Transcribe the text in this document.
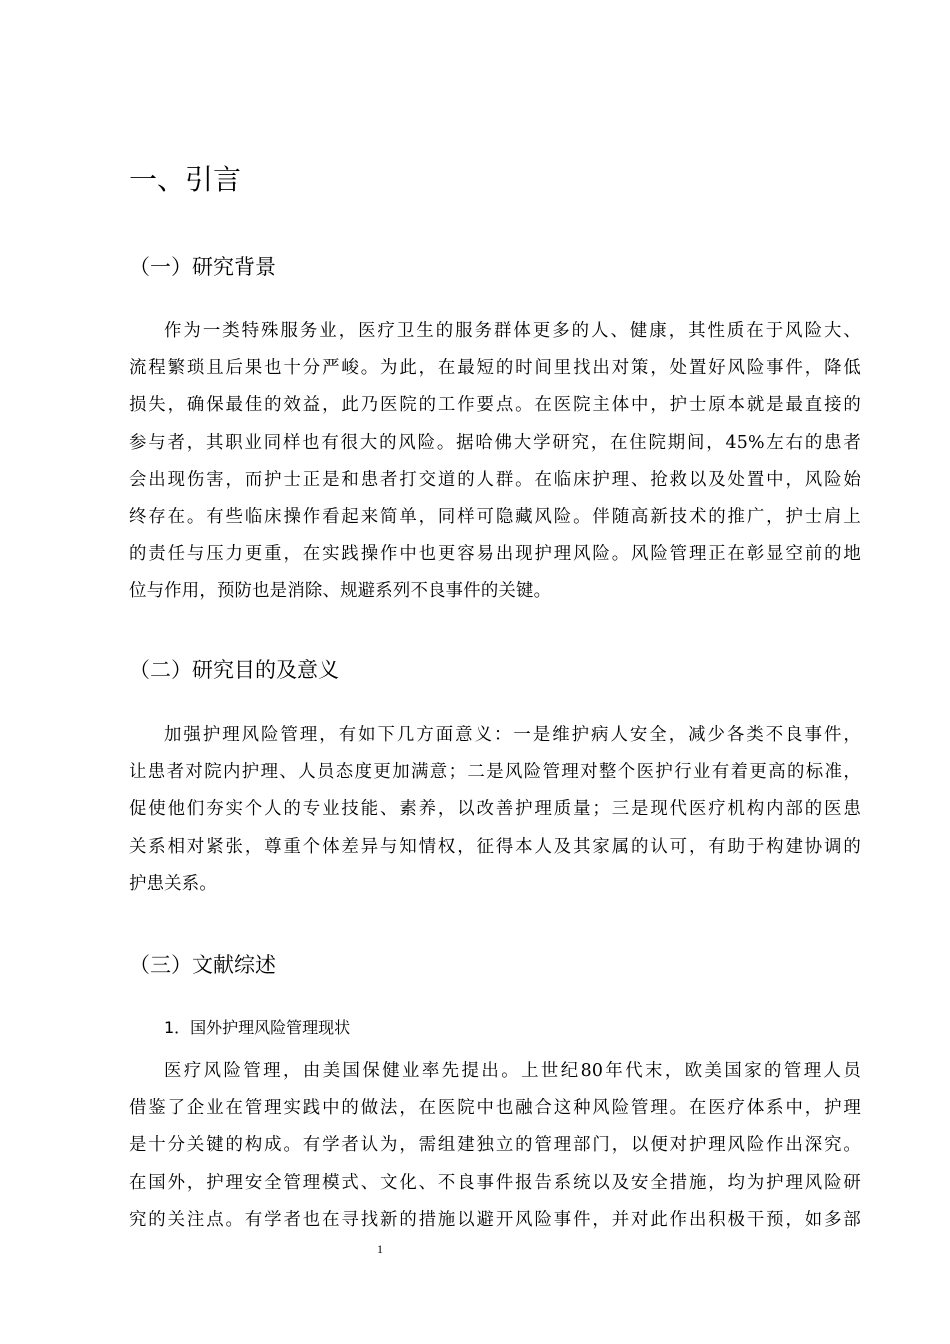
一、引言
（一）研究背景
作为一类特殊服务业，医疗卫生的服务群体更多的人、健康，其性质在于风险大、
流程繁琐且后果也十分严峻。为此，在最短的时间里找出对策，处置好风险事件，降低
损失，确保最佳的效益，此乃医院的工作要点。在医院主体中，护士原本就是最直接的
参与者，其职业同样也有很大的风险。据哈佛大学研究，在住院期间，45%左右的患者
会出现伤害，而护士正是和患者打交道的人群。在临床护理、抢救以及处置中，风险始
终存在。有些临床操作看起来简单，同样可隐藏风险。伴随高新技术的推广，护士肩上
的责任与压力更重，在实践操作中也更容易出现护理风险。风险管理正在彰显空前的地
位与作用，预防也是消除、规避系列不良事件的关键。
（二）研究目的及意义
加强护理风险管理，有如下几方面意义：一是维护病人安全，减少各类不良事件，
让患者对院内护理、人员态度更加满意；二是风险管理对整个医护行业有着更高的标准，
促使他们夯实个人的专业技能、素养，以改善护理质量；三是现代医疗机构内部的医患
关系相对紧张，尊重个体差异与知情权，征得本人及其家属的认可，有助于构建协调的
护患关系。
（三）文献综述
1．国外护理风险管理现状
医疗风险管理，由美国保健业率先提出。上世纪80年代末，欧美国家的管理人员
借鉴了企业在管理实践中的做法，在医院中也融合这种风险管理。在医疗体系中，护理
是十分关键的构成。有学者认为，需组建独立的管理部门，以便对护理风险作出深究。
在国外，护理安全管理模式、文化、不良事件报告系统以及安全措施，均为护理风险研
究的关注点。有学者也在寻找新的措施以避开风险事件，并对此作出积极干预，如多部
1
